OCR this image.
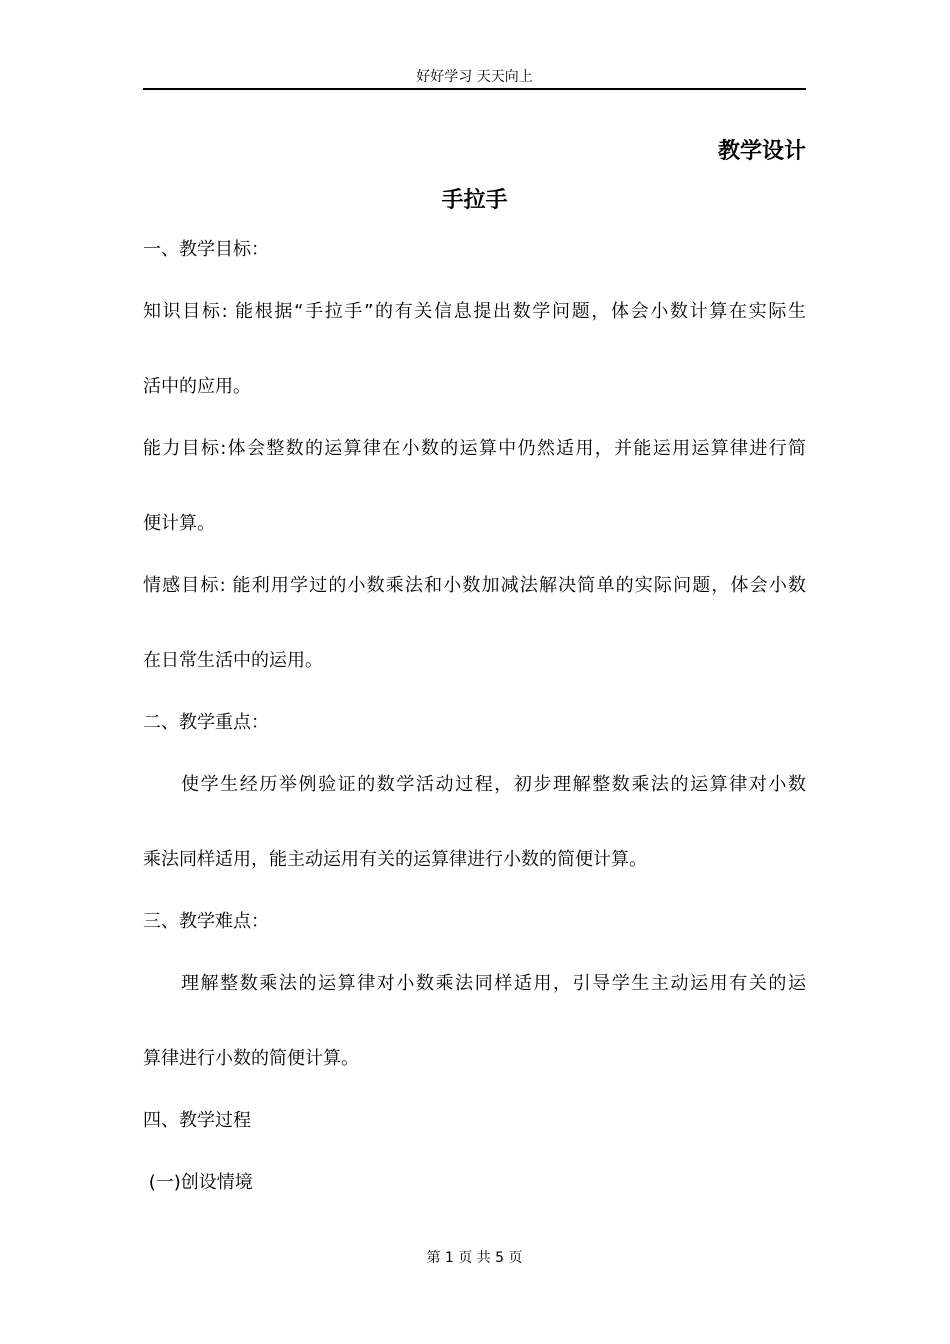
好好学习 天天向上
教学设计
手拉手
一、教学目标：
知识目标: 能根据“手拉手”的有关信息提出数学问题，体会小数计算在实际生
活中的应用。
能力目标:体会整数的运算律在小数的运算中仍然适用，并能运用运算律进行简
便计算。
情感目标: 能利用学过的小数乘法和小数加减法解决简单的实际问题，体会小数
在日常生活中的运用。
二、教学重点：
使学生经历举例验证的数学活动过程，初步理解整数乘法的运算律对小数
乘法同样适用，能主动运用有关的运算律进行小数的简便计算。
三、教学难点：
理解整数乘法的运算律对小数乘法同样适用，引导学生主动运用有关的运
算律进行小数的简便计算。
四、教学过程
(一)创设情境
第 1 页 共 5 页
